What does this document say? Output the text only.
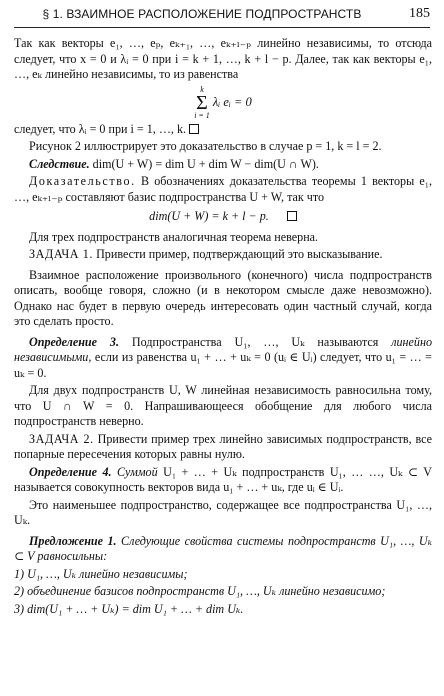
§ 1. ВЗАИМНОЕ РАСПОЛОЖЕНИЕ ПОДПРОСТРАНСТВ	185

Так как векторы e₁, …, eₚ, eₖ₊₁, …, eₖ₊ₗ₋ₚ линейно независимы, то отсюда следует, что x = 0 и λᵢ = 0 при i = k + 1, …, k + l − p. Далее, так как векторы e₁, …, eₖ линейно независимы, то из равенства

k
Σ
i = 1
λᵢ eᵢ = 0

следует, что λᵢ = 0 при i = 1, …, k.

Рисунок 2 иллюстрирует это доказательство в случае p = 1, k = l = 2.

Следствие. dim(U + W) = dim U + dim W − dim(U ∩ W).

Доказательство. В обозначениях доказательства теоремы 1 векторы e₁, …, eₖ₊ₗ₋ₚ составляют базис подпространства U + W, так что

dim(U + W) = k + l − p.

Для трех подпространств аналогичная теорема неверна.

ЗАДАЧА 1. Привести пример, подтверждающий это высказывание.

Взаимное расположение произвольного (конечного) числа подпространств описать, вообще говоря, сложно (и в некотором смысле даже невозможно). Однако нас будет в первую очередь интересовать один частный случай, когда это сделать просто.

Определение 3. Подпространства U₁, …, Uₖ называются линейно независимыми, если из равенства u₁ + … + uₖ = 0 (uᵢ ∈ Uᵢ) следует, что u₁ = … = uₖ = 0.

Для двух подпространств U, W линейная независимость равносильна тому, что U ∩ W = 0. Напрашивающееся обобщение для любого числа подпространств неверно.

ЗАДАЧА 2. Привести пример трех линейно зависимых подпространств, все попарные пересечения которых равны нулю.

Определение 4. Суммой U₁ + … + Uₖ подпространств U₁, … …, Uₖ ⊂ V называется совокупность векторов вида u₁ + … + uₖ, где uᵢ ∈ Uᵢ.

Это наименьшее подпространство, содержащее все подпространства U₁, …, Uₖ.

Предложение 1. Следующие свойства системы подпространств U₁, …, Uₖ ⊂ V равносильны:

1) U₁, …, Uₖ линейно независимы;

2) объединение базисов подпространств U₁, …, Uₖ линейно независимо;

3) dim(U₁ + … + Uₖ) = dim U₁ + … + dim Uₖ.
